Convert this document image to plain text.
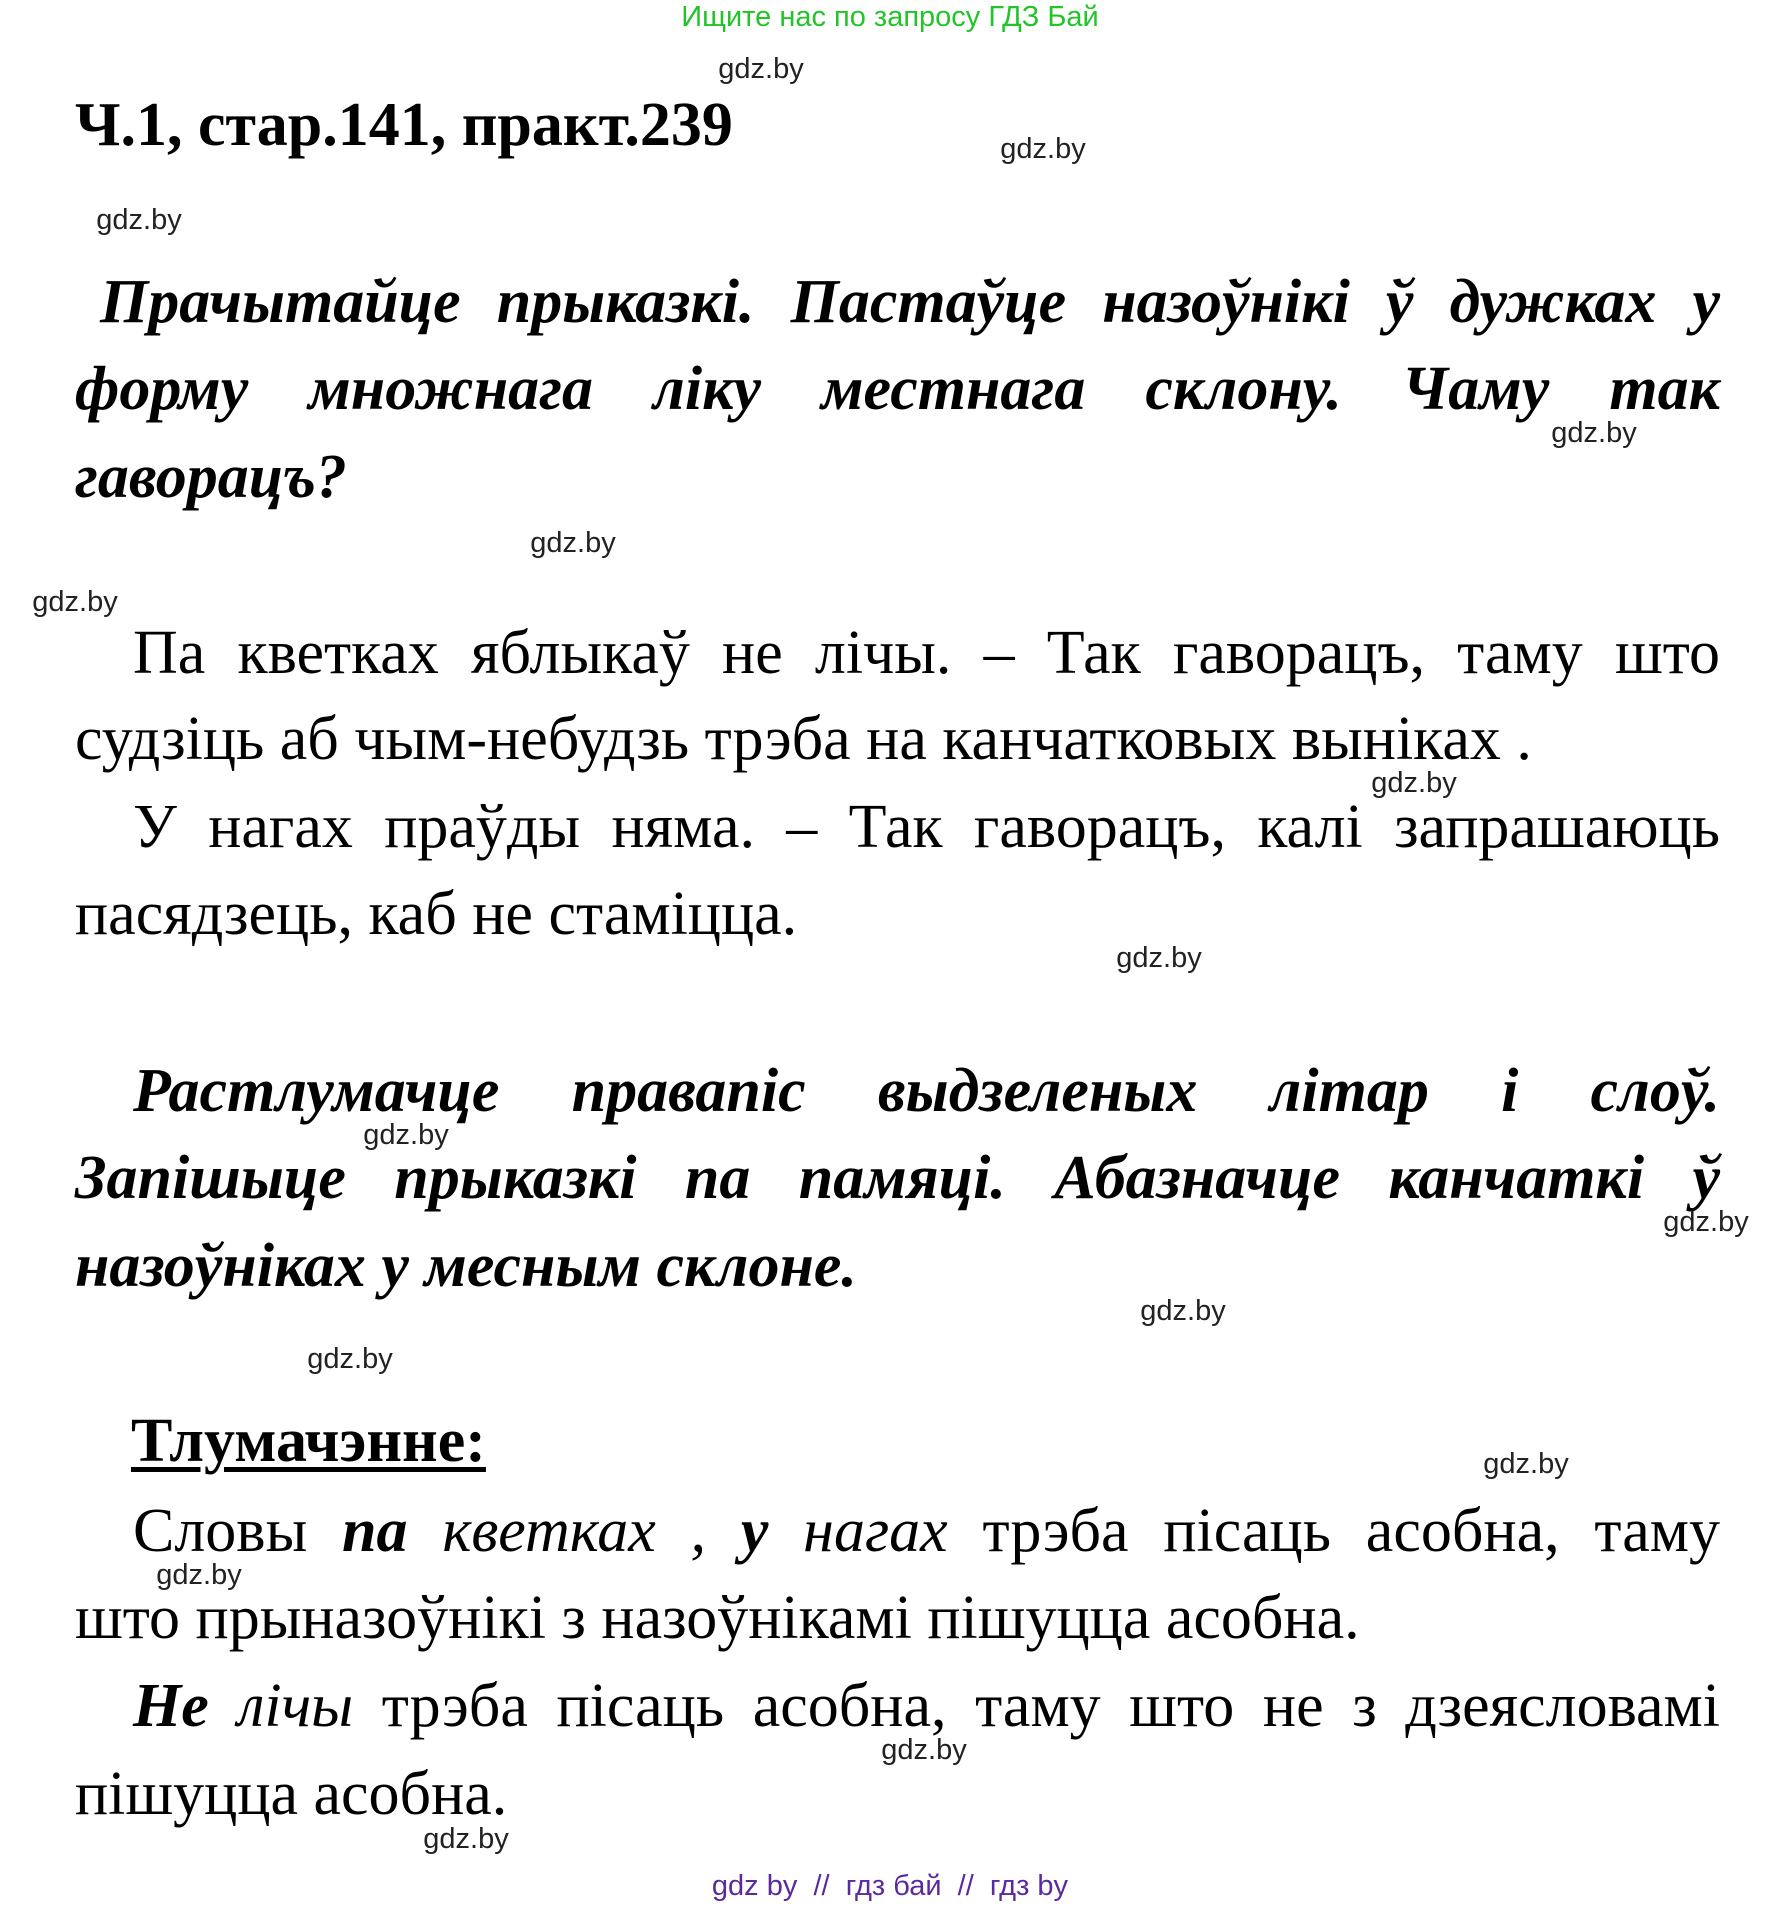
Ищите нас по запросу ГДЗ Бай
Ч.1, стар.141, практ.239
Прачытайце прыказкі. Пастаўце назоўнікі ў дужках у
форму множнага ліку местнага склону. Чаму так
гаворацъ?
Па кветках яблыкаў не лічы. – Так гаворацъ, таму што
судзіць аб чым-небудзь трэба на канчатковых выніках .
У нагах праўды няма. – Так гаворацъ, калі запрашаюць
пасядзець, каб не стаміцца.
Растлумачце правапіс выдзеленых літар і слоў.
Запішыце прыказкі па памяці. Абазначце канчаткі ў
назоўніках у месным склоне.
Тлумачэнне:
Словы па кветках , у нагах трэба пісаць асобна, таму
што прыназоўнікі з назоўнікамі пішуцца асобна.
Не лічы трэба пісаць асобна, таму што не з дзеясловамі
пішуцца асобна.
gdz.by
gdz.by
gdz.by
gdz.by
gdz.by
gdz.by
gdz.by
gdz.by
gdz.by
gdz.by
gdz.by
gdz.by
gdz.by
gdz.by
gdz.by
gdz.by
gdz by  //  гдз бай  //  гдз by
